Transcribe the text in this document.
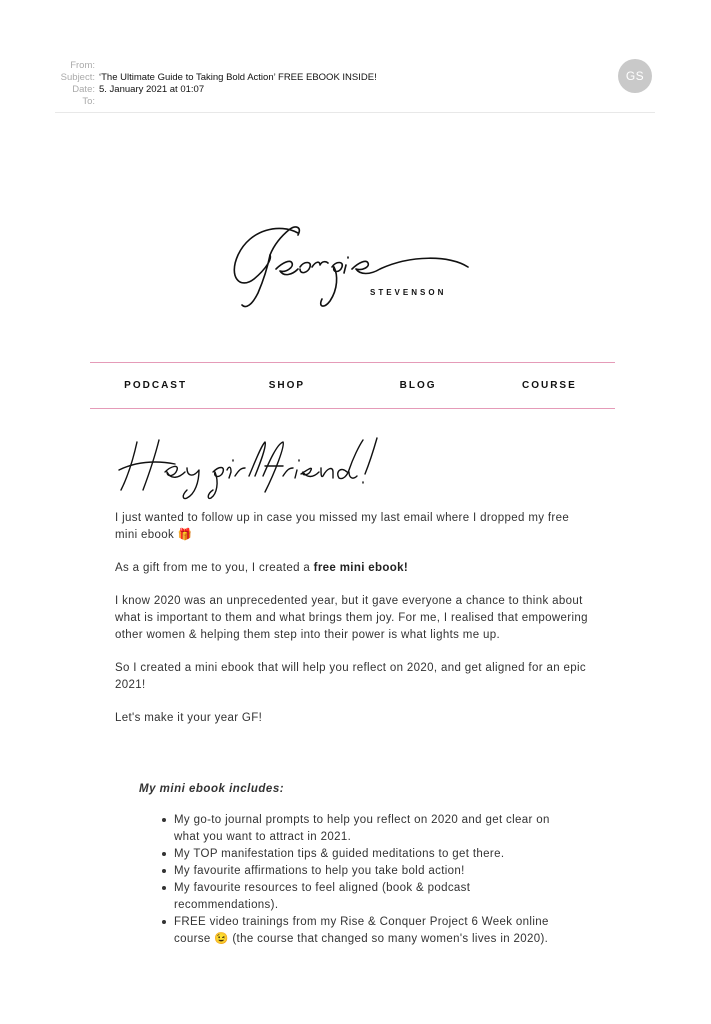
From:
Subject: ‘The Ultimate Guide to Taking Bold Action’ FREE EBOOK INSIDE!
Date: 5. January 2021 at 01:07
To:
GS
STEVENSON
PODCAST	SHOP	BLOG	COURSE

I just wanted to follow up in case you missed my last email where I dropped my free mini ebook 🎁

As a gift from me to you, I created a free mini ebook!

I know 2020 was an unprecedented year, but it gave everyone a chance to think about what is important to them and what brings them joy. For me, I realised that empowering other women & helping them step into their power is what lights me up.

So I created a mini ebook that will help you reflect on 2020, and get aligned for an epic 2021!

Let's make it your year GF!

My mini ebook includes:
My go-to journal prompts to help you reflect on 2020 and get clear on what you want to attract in 2021.
My TOP manifestation tips & guided meditations to get there.
My favourite affirmations to help you take bold action!
My favourite resources to feel aligned (book & podcast recommendations).
FREE video trainings from my Rise & Conquer Project 6 Week online course 😉 (the course that changed so many women's lives in 2020).
